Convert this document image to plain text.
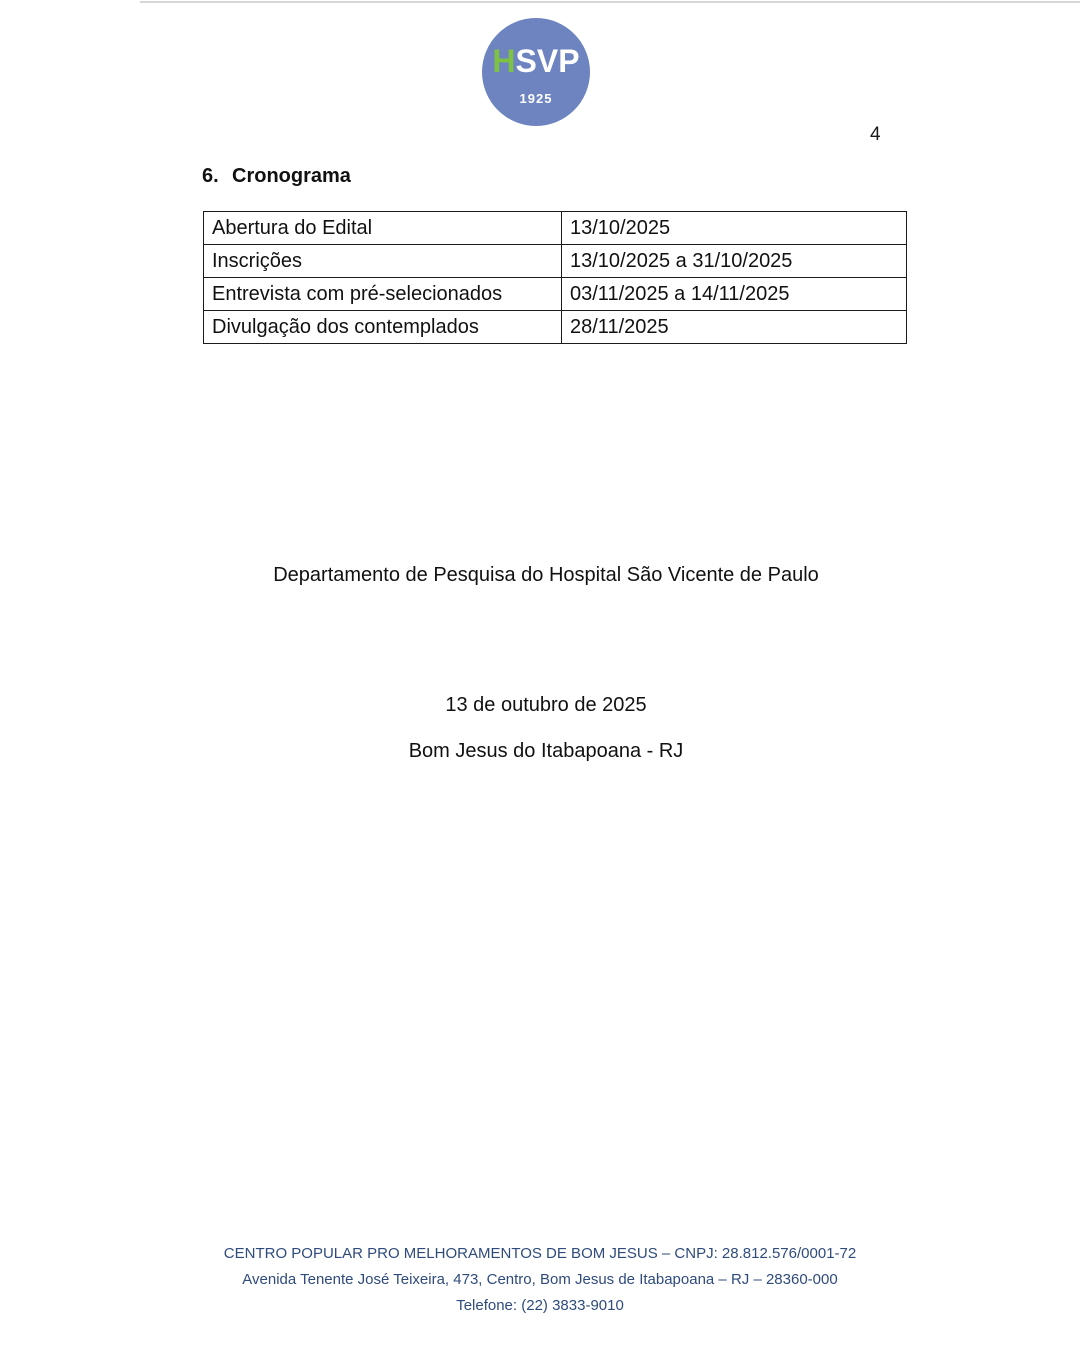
HSVP
1925
4
6. Cronograma
Abertura do Edital	13/10/2025
Inscrições	13/10/2025 a 31/10/2025
Entrevista com pré-selecionados	03/11/2025 a 14/11/2025
Divulgação dos contemplados	28/11/2025
Departamento de Pesquisa do Hospital São Vicente de Paulo
13 de outubro de 2025
Bom Jesus do Itabapoana - RJ
CENTRO POPULAR PRO MELHORAMENTOS DE BOM JESUS – CNPJ: 28.812.576/0001-72
Avenida Tenente José Teixeira, 473, Centro, Bom Jesus de Itabapoana – RJ – 28360-000
Telefone: (22) 3833-9010
